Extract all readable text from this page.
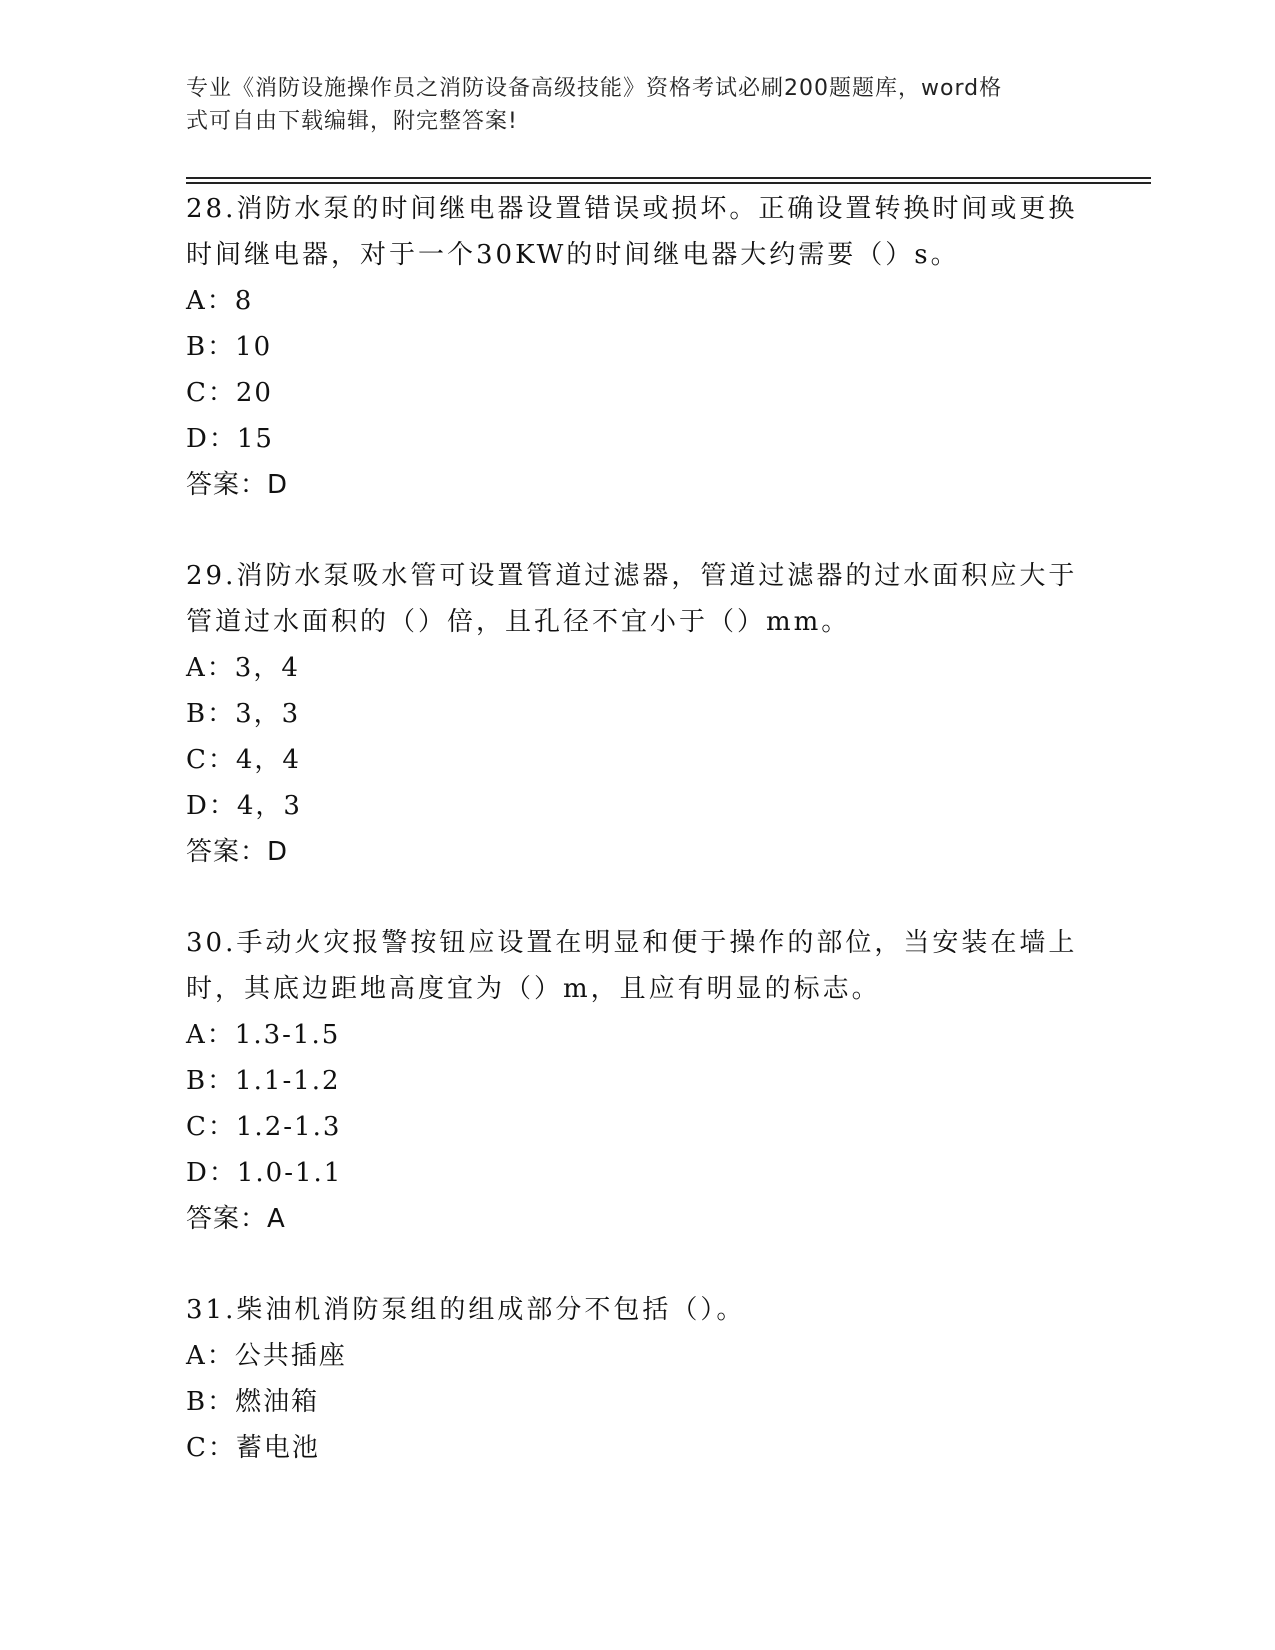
专业《消防设施操作员之消防设备高级技能》资格考试必刷200题题库，word格
式可自由下载编辑，附完整答案!

28.消防水泵的时间继电器设置错误或损坏。正确设置转换时间或更换

时间继电器，对于一个30KW的时间继电器大约需要（）s。

A：8

B：10

C：20

D：15

答案：D

29.消防水泵吸水管可设置管道过滤器，管道过滤器的过水面积应大于

管道过水面积的（）倍，且孔径不宜小于（）mm。

A：3，4

B：3，3

C：4，4

D：4，3

答案：D

30.手动火灾报警按钮应设置在明显和便于操作的部位，当安装在墙上

时，其底边距地高度宜为（）m，且应有明显的标志。

A：1.3-1.5

B：1.1-1.2

C：1.2-1.3

D：1.0-1.1

答案：A

31.柴油机消防泵组的组成部分不包括（）。

A：公共插座

B：燃油箱

C：蓄电池
